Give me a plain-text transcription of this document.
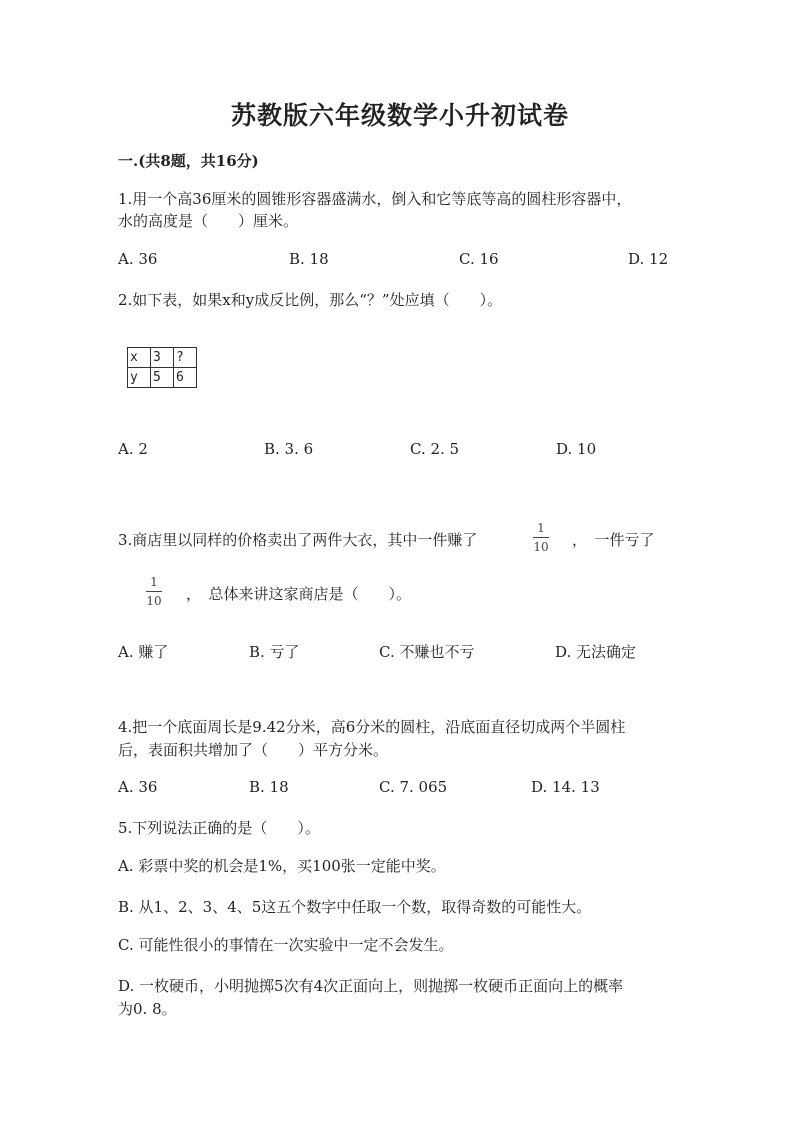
苏教版六年级数学小升初试卷
一.(共8题，共16分)
1.用一个高36厘米的圆锥形容器盛满水，倒入和它等底等高的圆柱形容器中，
水的高度是（　　）厘米。
A. 36	B. 18	C. 16	D. 12
2.如下表，如果x和y成反比例，那么“？”处应填（　　）。
x	3	?
y	5	6
A. 2	B. 3. 6	C. 2. 5	D. 10
3.商店里以同样的价格卖出了两件大衣，其中一件赚了
1
10 ，　一件亏了
1
10 ，　总体来讲这家商店是（　　）。
A. 赚了	B. 亏了	C. 不赚也不亏	D. 无法确定
4.把一个底面周长是9.42分米，高6分米的圆柱，沿底面直径切成两个半圆柱
后，表面积共增加了（　　）平方分米。
A. 36	B. 18	C. 7. 065	D. 14. 13
5.下列说法正确的是（　　）。
A. 彩票中奖的机会是1%，买100张一定能中奖。
B. 从1、2、3、4、5这五个数字中任取一个数，取得奇数的可能性大。
C. 可能性很小的事情在一次实验中一定不会发生。
D. 一枚硬币，小明抛掷5次有4次正面向上，则抛掷一枚硬币正面向上的概率
为0. 8。
